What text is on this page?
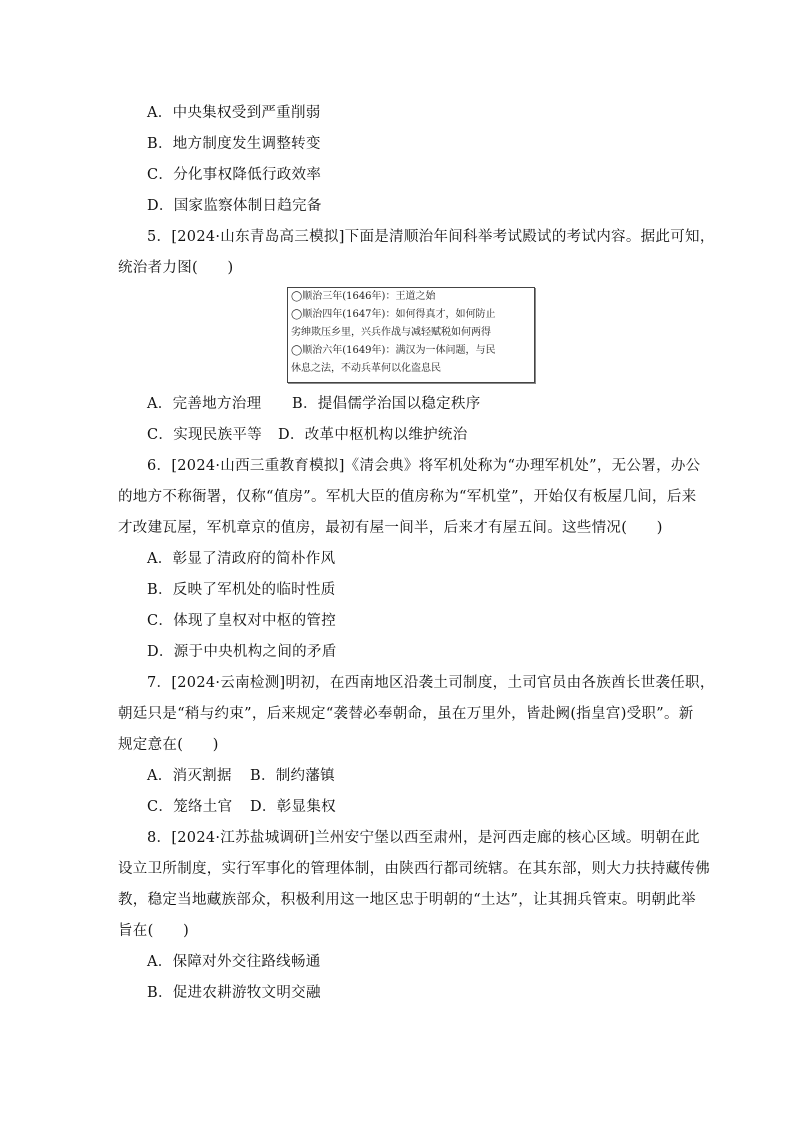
A．中央集权受到严重削弱
B．地方制度发生调整转变
C．分化事权降低行政效率
D．国家监察体制日趋完备
5．[2024·山东青岛高三模拟]下面是清顺治年间科举考试殿试的考试内容。据此可知，
统治者力图(　　)
◯顺治三年(1646年)：王道之始
◯顺治四年(1647年)：如何得真才，如何防止
劣绅欺压乡里，兴兵作战与减轻赋税如何两得
◯顺治六年(1649年)：满汉为一体问题，与民
休息之法，不动兵革何以化盗息民
A．完善地方治理 B．提倡儒学治国以稳定秩序
C．实现民族平等 D．改革中枢机构以维护统治
6．[2024·山西三重教育模拟]《清会典》将军机处称为“办理军机处”，无公署，办公
的地方不称衙署，仅称“值房”。军机大臣的值房称为“军机堂”，开始仅有板屋几间，后来
才改建瓦屋，军机章京的值房，最初有屋一间半，后来才有屋五间。这些情况(　　)
A．彰显了清政府的简朴作风
B．反映了军机处的临时性质
C．体现了皇权对中枢的管控
D．源于中央机构之间的矛盾
7．[2024·云南检测]明初，在西南地区沿袭土司制度，土司官员由各族酋长世袭任职，
朝廷只是“稍与约束”，后来规定“袭替必奉朝命，虽在万里外，皆赴阙(指皇宫)受职”。新
规定意在(　　)
A．消灭割据 B．制约藩镇
C．笼络土官 D．彰显集权
8．[2024·江苏盐城调研]兰州安宁堡以西至肃州，是河西走廊的核心区域。明朝在此
设立卫所制度，实行军事化的管理体制，由陕西行都司统辖。在其东部，则大力扶持藏传佛
教，稳定当地藏族部众，积极利用这一地区忠于明朝的“土达”，让其拥兵管束。明朝此举
旨在(　　)
A．保障对外交往路线畅通
B．促进农耕游牧文明交融
